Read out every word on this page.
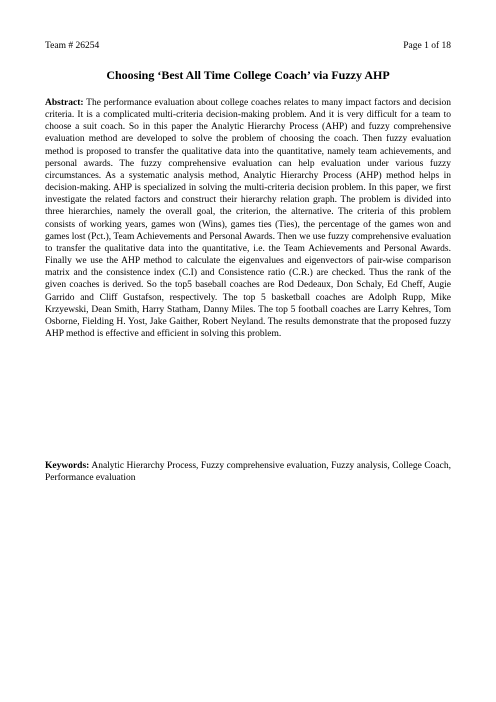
Team # 26254	Page 1 of 18
Choosing ‘Best All Time College Coach’ via Fuzzy AHP

Abstract: The performance evaluation about college coaches relates to many impact factors and decision criteria. It is a complicated multi-criteria decision-making problem. And it is very difficult for a team to choose a suit coach. So in this paper the Analytic Hierarchy Process (AHP) and fuzzy comprehensive evaluation method are developed to solve the problem of choosing the coach. Then fuzzy evaluation method is proposed to transfer the qualitative data into the quantitative, namely team achievements, and personal awards. The fuzzy comprehensive evaluation can help evaluation under various fuzzy circumstances. As a systematic analysis method, Analytic Hierarchy Process (AHP) method helps in decision-making. AHP is specialized in solving the multi-criteria decision problem. In this paper, we first investigate the related factors and construct their hierarchy relation graph. The problem is divided into three hierarchies, namely the overall goal, the criterion, the alternative. The criteria of this problem consists of working years, games won (Wins), games ties (Ties), the percentage of the games won and games lost (Pct.), Team Achievements and Personal Awards. Then we use fuzzy comprehensive evaluation to transfer the qualitative data into the quantitative, i.e. the Team Achievements and Personal Awards. Finally we use the AHP method to calculate the eigenvalues and eigenvectors of pair-wise comparison matrix and the consistence index (C.I) and Consistence ratio (C.R.) are checked. Thus the rank of the given coaches is derived. So the top5 baseball coaches are Rod Dedeaux, Don Schaly, Ed Cheff, Augie Garrido and Cliff Gustafson, respectively. The top 5 basketball coaches are Adolph Rupp, Mike Krzyewski, Dean Smith, Harry Statham, Danny Miles. The top 5 football coaches are Larry Kehres, Tom Osborne, Fielding H. Yost, Jake Gaither, Robert Neyland. The results demonstrate that the proposed fuzzy AHP method is effective and efficient in solving this problem.

Keywords: Analytic Hierarchy Process, Fuzzy comprehensive evaluation, Fuzzy analysis, College Coach, Performance evaluation
